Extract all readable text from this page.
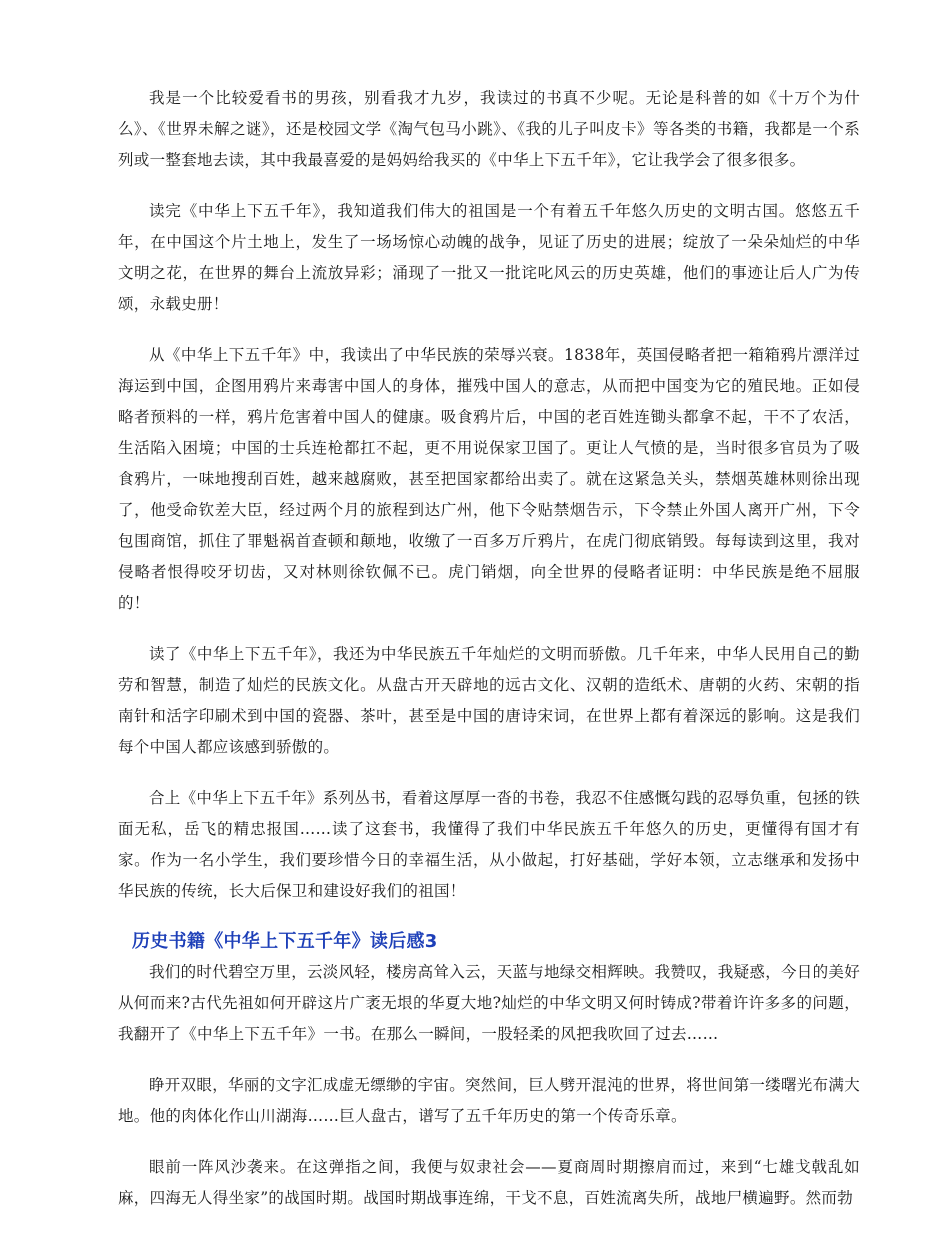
我是一个比较爱看书的男孩，别看我才九岁，我读过的书真不少呢。无论是科普的如《十万个为什么》、《世界未解之谜》，还是校园文学《淘气包马小跳》、《我的儿子叫皮卡》等各类的书籍，我都是一个系列或一整套地去读，其中我最喜爱的是妈妈给我买的《中华上下五千年》，它让我学会了很多很多。

读完《中华上下五千年》，我知道我们伟大的祖国是一个有着五千年悠久历史的文明古国。悠悠五千年，在中国这个片土地上，发生了一场场惊心动魄的战争，见证了历史的进展；绽放了一朵朵灿烂的中华文明之花，在世界的舞台上流放异彩；涌现了一批又一批诧叱风云的历史英雄，他们的事迹让后人广为传颂，永载史册！

从《中华上下五千年》中，我读出了中华民族的荣辱兴衰。1838年，英国侵略者把一箱箱鸦片漂洋过海运到中国，企图用鸦片来毒害中国人的身体，摧残中国人的意志，从而把中国变为它的殖民地。正如侵略者预料的一样，鸦片危害着中国人的健康。吸食鸦片后，中国的老百姓连锄头都拿不起，干不了农活，生活陷入困境；中国的士兵连枪都扛不起，更不用说保家卫国了。更让人气愤的是，当时很多官员为了吸食鸦片，一味地搜刮百姓，越来越腐败，甚至把国家都给出卖了。就在这紧急关头，禁烟英雄林则徐出现了，他受命钦差大臣，经过两个月的旅程到达广州，他下令贴禁烟告示，下令禁止外国人离开广州，下令包围商馆，抓住了罪魁祸首查顿和颠地，收缴了一百多万斤鸦片，在虎门彻底销毁。每每读到这里，我对侵略者恨得咬牙切齿，又对林则徐钦佩不已。虎门销烟，向全世界的侵略者证明：中华民族是绝不屈服的！

读了《中华上下五千年》，我还为中华民族五千年灿烂的文明而骄傲。几千年来，中华人民用自己的勤劳和智慧，制造了灿烂的民族文化。从盘古开天辟地的远古文化、汉朝的造纸术、唐朝的火药、宋朝的指南针和活字印刷术到中国的瓷器、茶叶，甚至是中国的唐诗宋词，在世界上都有着深远的影响。这是我们每个中国人都应该感到骄傲的。

合上《中华上下五千年》系列丛书，看着这厚厚一沓的书卷，我忍不住感慨勾践的忍辱负重，包拯的铁面无私，岳飞的精忠报国……读了这套书，我懂得了我们中华民族五千年悠久的历史，更懂得有国才有家。作为一名小学生，我们要珍惜今日的幸福生活，从小做起，打好基础，学好本领，立志继承和发扬中华民族的传统，长大后保卫和建设好我们的祖国！

历史书籍《中华上下五千年》读后感3

我们的时代碧空万里，云淡风轻，楼房高耸入云，天蓝与地绿交相辉映。我赞叹，我疑惑，今日的美好从何而来?古代先祖如何开辟这片广袤无垠的华夏大地?灿烂的中华文明又何时铸成?带着许许多多的问题，我翻开了《中华上下五千年》一书。在那么一瞬间，一股轻柔的风把我吹回了过去……

睁开双眼，华丽的文字汇成虚无缥缈的宇宙。突然间，巨人劈开混沌的世界，将世间第一缕曙光布满大地。他的肉体化作山川湖海……巨人盘古，谱写了五千年历史的第一个传奇乐章。

眼前一阵风沙袭来。在这弹指之间，我便与奴隶社会——夏商周时期擦肩而过，来到“七雄戈戟乱如麻，四海无人得坐家”的战国时期。战国时期战事连绵，干戈不息，百姓流离失所，战地尸横遍野。然而勃
